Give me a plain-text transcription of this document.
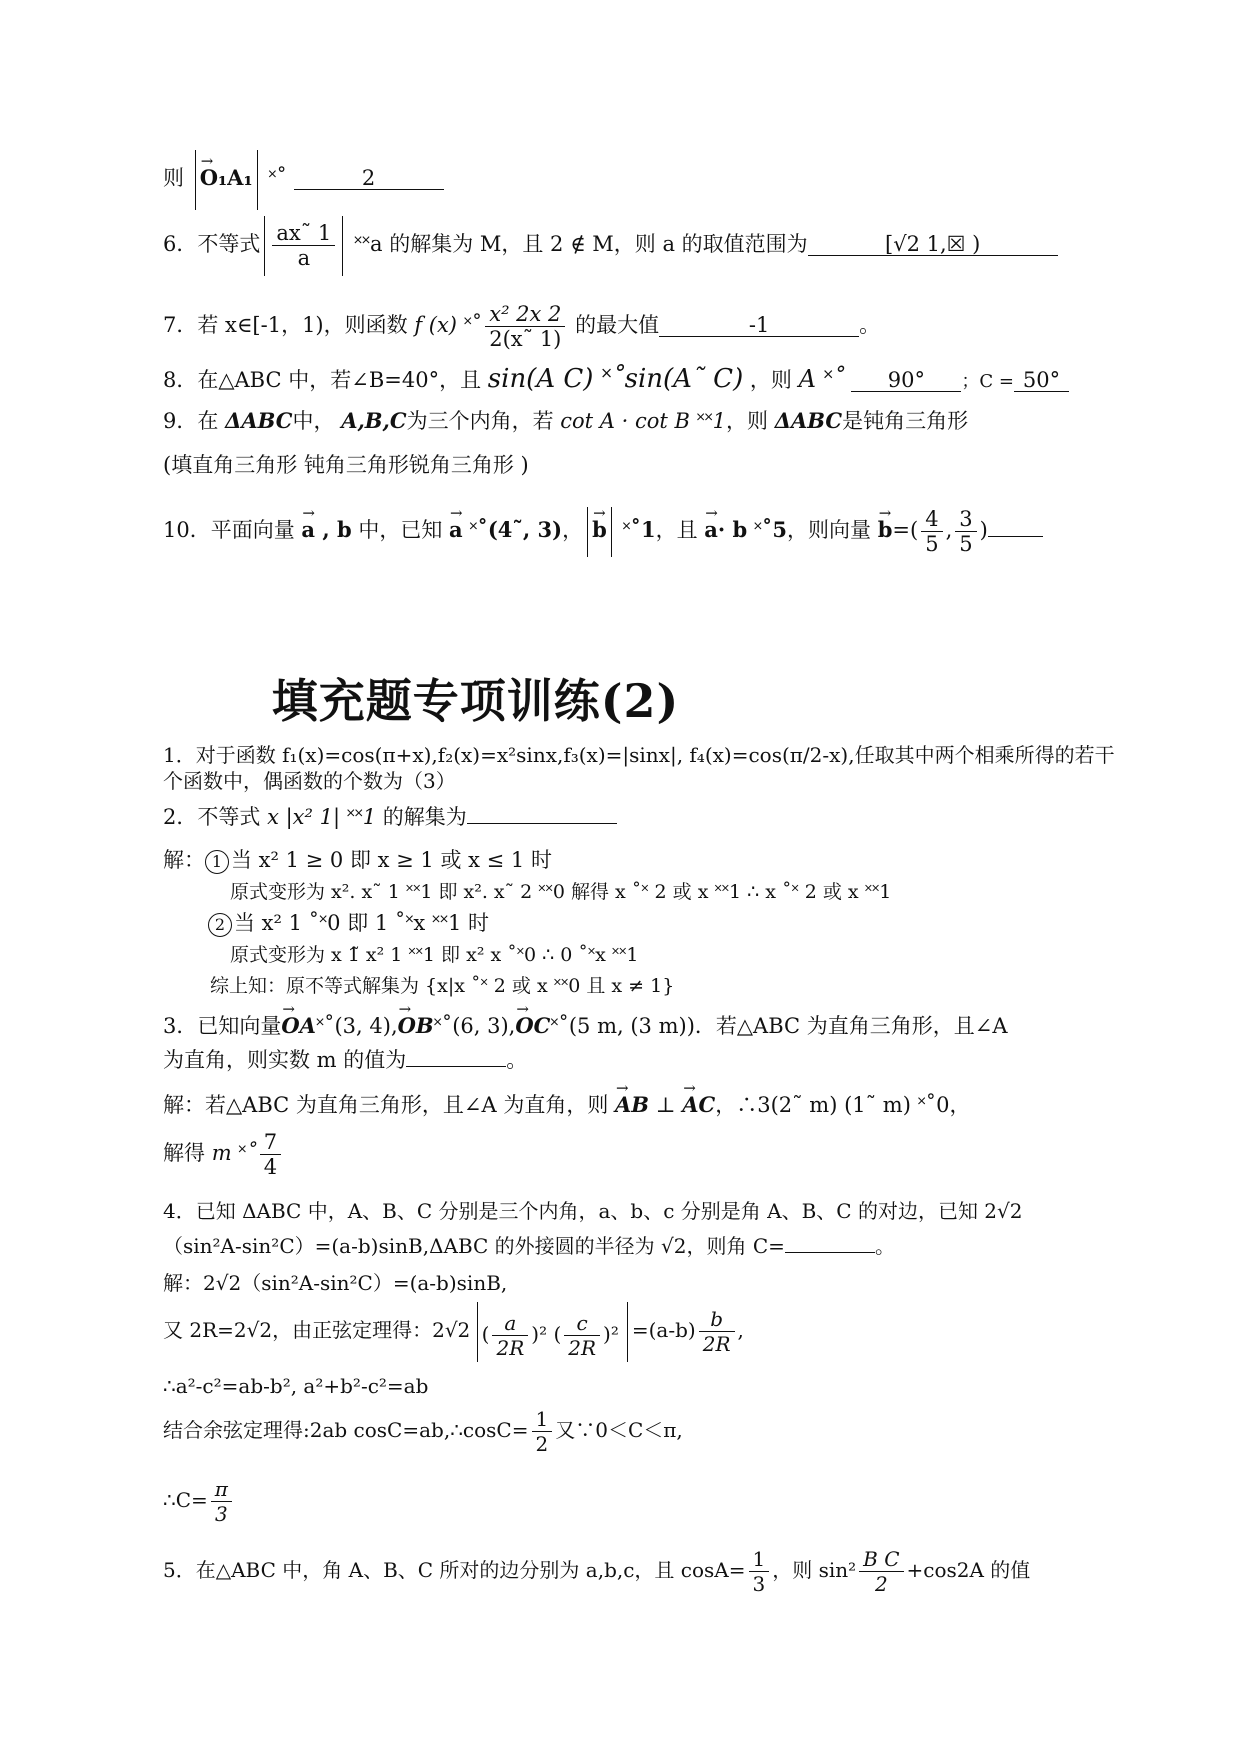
则 → O₁A₁ ˟˚	2
6．不等式 $\frac{ax˜ 1}{a}$ ˟˟a 的解集为 M，且 2 ∉ M，则 a 的取值范围为	[√2 1,☒ )
7．若 x∈[-1，1)，则函数 f (x) ˟˚ $\frac{\text{x² 2x 2}}{2(x˜ 1)}$ 的最大值	-1	。
8．在△ABC 中，若∠B=40°，且 sin(A C) ˟˚sin(A˜ C) ，则 A ˟˚ 90° ；C = 50°
9．在 ΔABC中， A,B,C为三个内角，若 cot A · cot B ˟˟1，则 ΔABC是钝角三角形
(填直角三角形 钝角三角形锐角三角形 )
10．平面向量 → a , b 中，已知 → a ˟˚(4˜, 3)， → b ˟˚1，且 → a· b ˟˚5，则向量 → $b=( \frac{4}{5}$ , $\frac{3}{5}$ )
填充题专项训练(2)
1．对于函数 f₁(x)=cos(π+x),f₂(x)=x²sinx,f₃(x)=|sinx|, f₄(x)=cos(π/2-x),任取其中两个相乘所得的若干
个函数中，偶函数的个数为（3）
2．不等式 x |x² 1| ˟˟1 的解集为
解： 1 当 x² 1 ≥ 0 即 x ≥ 1 或 x ≤ 1 时
原式变形为 x². x˜ 1 ˟˟1 即 x². x˜ 2 ˟˟0 解得 x ˚˟ 2 或 x ˟˟1 ∴ x ˚˟ 2 或 x ˟˟1
2 当 x² 1 ˚˟0 即 1 ˚˟x ˟˟1 时
原式变形为 x 1̃ x² 1 ˟˟1 即 x² x ˚˟0 ∴ 0 ˚˟x ˟˟1
综上知：原不等式解集为 {x|x ˚˟ 2 或 x ˟˟0 且 x ≠ 1}
3．已知向量→ OA˟˚(3, 4),→ OB˟˚(6, 3),→ OC˟˚(5 m, (3 m))．若△ABC 为直角三角形，且∠A
为直角，则实数 m 的值为	。
解：若△ABC 为直角三角形，且∠A 为直角，则 → AB ⊥ → AC，∴3(2˜ m) (1˜ m) ˟˚0，
解得 m ˟˚ $\frac{7}{4}$
4．已知 ΔABC 中，A、B、C 分别是三个内角，a、b、c 分别是角 A、B、C 的对边，已知 2√2
（sin²A-sin²C）=(a-b)sinB,ΔABC 的外接圆的半径为 √2，则角 C=	。
解：2√2（sin²A-sin²C）=(a-b)sinB,
又 2R=2√2，由正弦定理得：2√2 ( $\frac{a}{2R} )^2$ ( $\frac{c}{2R} )^2 =(a-b) \frac{b}{2R}$ ,
∴a²-c²=ab-b², a²+b²-c²=ab
结合余弦定理得:2ab cosC=ab,∴cosC= $\frac{1}{2}$ 又∵0＜C＜π,
∴C= $\frac{\pi}{3}$
5．在△ABC 中，角 A、B、C 所对的边分别为 a,b,c，且 $\cos A= \frac{1}{3}$ ，则 $\sin^2 \frac{\text{B C}}{2} +\cos 2A$ 的值
